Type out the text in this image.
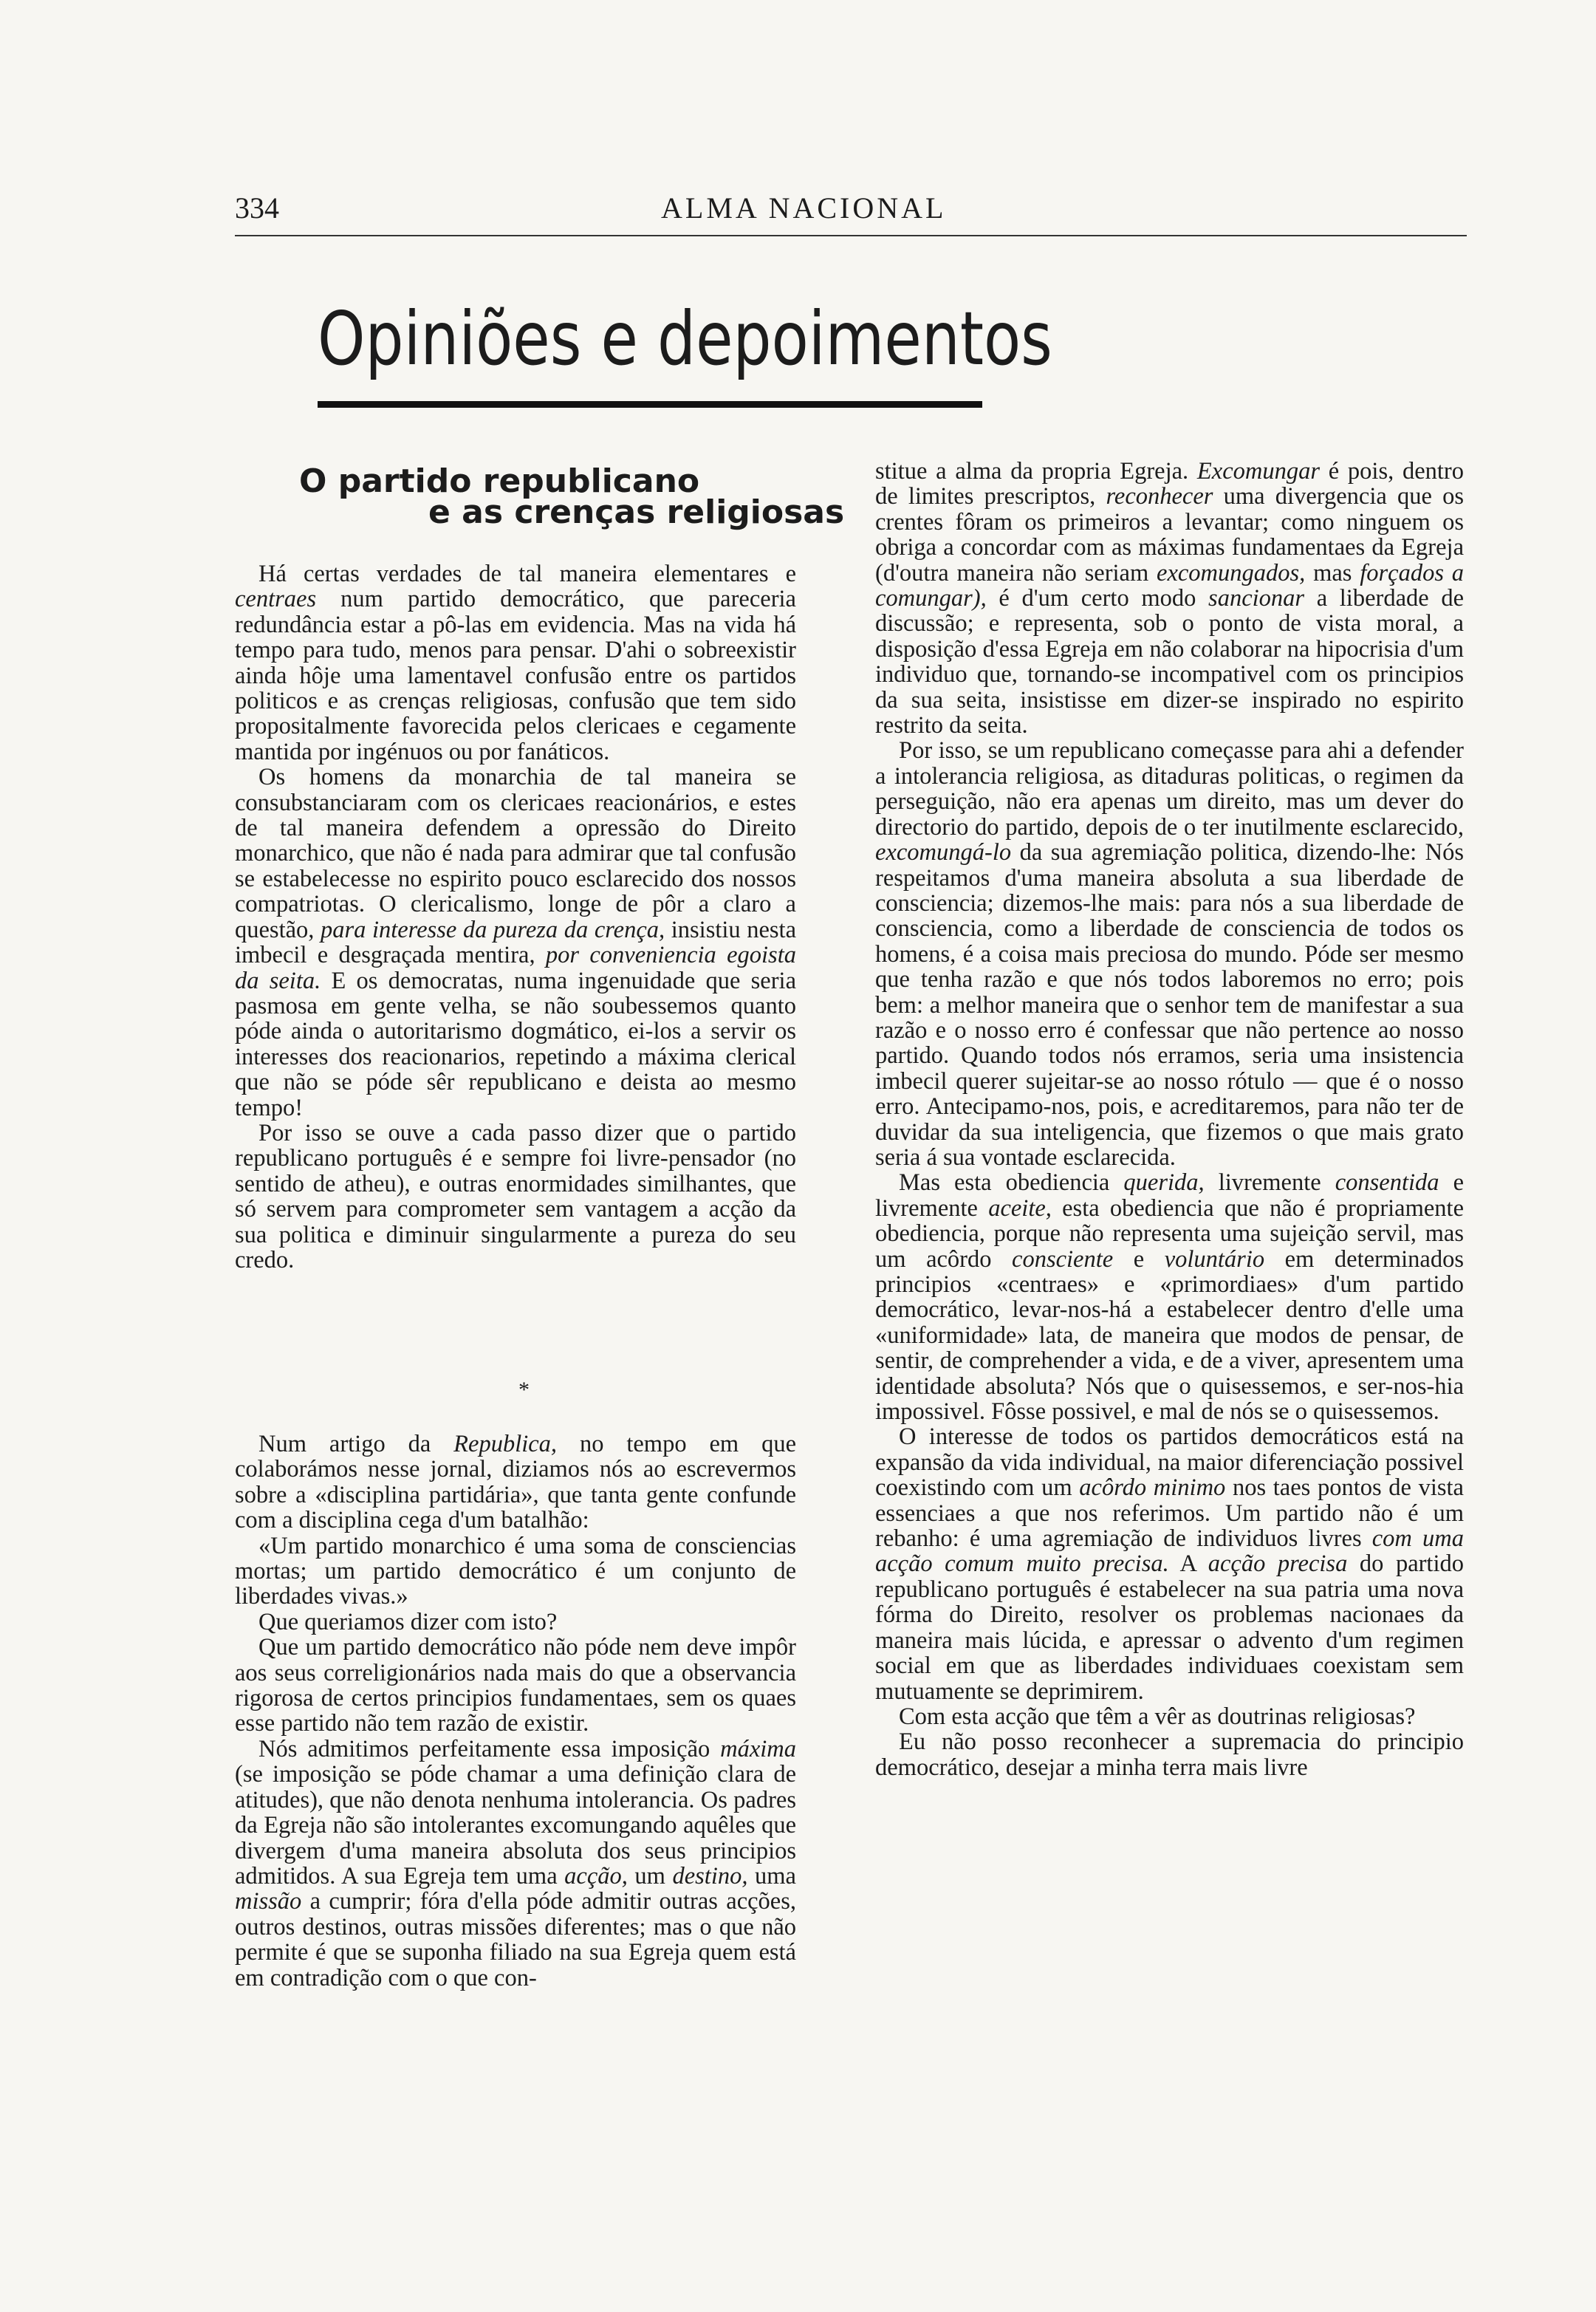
334	ALMA NACIONAL
Opiniões e depoimentos
O partido republicano
e as crenças religiosas

Há certas verdades de tal maneira elementares e centraes num partido democrático, que pareceria redundância estar a pô-las em evidencia. Mas na vida há tempo para tudo, menos para pensar. D'ahi o sobreexistir ainda hôje uma lamentavel confusão entre os partidos politicos e as crenças religiosas, confusão que tem sido propositalmente favorecida pelos clericaes e cegamente mantida por ingénuos ou por fanáticos.

Os homens da monarchia de tal maneira se consubstanciaram com os clericaes reacionários, e estes de tal maneira defendem a opressão do Direito monarchico, que não é nada para admirar que tal confusão se estabelecesse no espirito pouco esclarecido dos nossos compatriotas. O clericalismo, longe de pôr a claro a questão, para interesse da pureza da crença, insistiu nesta imbecil e desgraçada mentira, por conveniencia egoista da seita. E os democratas, numa ingenuidade que seria pasmosa em gente velha, se não soubessemos quanto póde ainda o autoritarismo dogmático, ei-los a servir os interesses dos reacionarios, repetindo a máxima clerical que não se póde sêr republicano e deista ao mesmo tempo!

Por isso se ouve a cada passo dizer que o partido republicano português é e sempre foi livre-pensador (no sentido de atheu), e outras enormidades similhantes, que só servem para comprometer sem vantagem a acção da sua politica e diminuir singularmente a pureza do seu credo.

*

Num artigo da Republica, no tempo em que colaborámos nesse jornal, diziamos nós ao escrevermos sobre a «disciplina partidária», que tanta gente confunde com a disciplina cega d'um batalhão:

«Um partido monarchico é uma soma de consciencias mortas; um partido democrático é um conjunto de liberdades vivas.»

Que queriamos dizer com isto?

Que um partido democrático não póde nem deve impôr aos seus correligionários nada mais do que a observancia rigorosa de certos principios fundamentaes, sem os quaes esse partido não tem razão de existir.

Nós admitimos perfeitamente essa imposição máxima (se imposição se póde chamar a uma definição clara de atitudes), que não denota nenhuma intolerancia. Os padres da Egreja não são intolerantes excomungando aquêles que divergem d'uma maneira absoluta dos seus principios admitidos. A sua Egreja tem uma acção, um destino, uma missão a cumprir; fóra d'ella póde admitir outras acções, outros destinos, outras missões diferentes; mas o que não permite é que se suponha filiado na sua Egreja quem está em contradição com o que con-

stitue a alma da propria Egreja. Excomungar é pois, dentro de limites prescriptos, reconhecer uma divergencia que os crentes fôram os primeiros a levantar; como ninguem os obriga a concordar com as máximas fundamentaes da Egreja (d'outra maneira não seriam excomungados, mas forçados a comungar), é d'um certo modo sancionar a liberdade de discussão; e representa, sob o ponto de vista moral, a disposição d'essa Egreja em não colaborar na hipocrisia d'um individuo que, tornando-se incompativel com os principios da sua seita, insistisse em dizer-se inspirado no espirito restrito da seita.

Por isso, se um republicano começasse para ahi a defender a intolerancia religiosa, as ditaduras politicas, o regimen da perseguição, não era apenas um direito, mas um dever do directorio do partido, depois de o ter inutilmente esclarecido, excomungá-lo da sua agremiação politica, dizendo-lhe: Nós respeitamos d'uma maneira absoluta a sua liberdade de consciencia; dizemos-lhe mais: para nós a sua liberdade de consciencia, como a liberdade de consciencia de todos os homens, é a coisa mais preciosa do mundo. Póde ser mesmo que tenha razão e que nós todos laboremos no erro; pois bem: a melhor maneira que o senhor tem de manifestar a sua razão e o nosso erro é confessar que não pertence ao nosso partido. Quando todos nós erramos, seria uma insistencia imbecil querer sujeitar-se ao nosso rótulo — que é o nosso erro. Antecipamo-nos, pois, e acreditaremos, para não ter de duvidar da sua inteligencia, que fizemos o que mais grato seria á sua vontade esclarecida.

Mas esta obediencia querida, livremente consentida e livremente aceite, esta obediencia que não é propriamente obediencia, porque não representa uma sujeição servil, mas um acôrdo consciente e voluntário em determinados principios «centraes» e «primordiaes» d'um partido democrático, levar-nos-há a estabelecer dentro d'elle uma «uniformidade» lata, de maneira que modos de pensar, de sentir, de comprehender a vida, e de a viver, apresentem uma identidade absoluta? Nós que o quisessemos, e ser-nos-hia impossivel. Fôsse possivel, e mal de nós se o quisessemos.

O interesse de todos os partidos democráticos está na expansão da vida individual, na maior diferenciação possivel coexistindo com um acôrdo minimo nos taes pontos de vista essenciaes a que nos referimos. Um partido não é um rebanho: é uma agremiação de individuos livres com uma acção comum muito precisa. A acção precisa do partido republicano português é estabelecer na sua patria uma nova fórma do Direito, resolver os problemas nacionaes da maneira mais lúcida, e apressar o advento d'um regimen social em que as liberdades individuaes coexistam sem mutuamente se deprimirem.

Com esta acção que têm a vêr as doutrinas religiosas?

Eu não posso reconhecer a supremacia do principio democrático, desejar a minha terra mais livre
